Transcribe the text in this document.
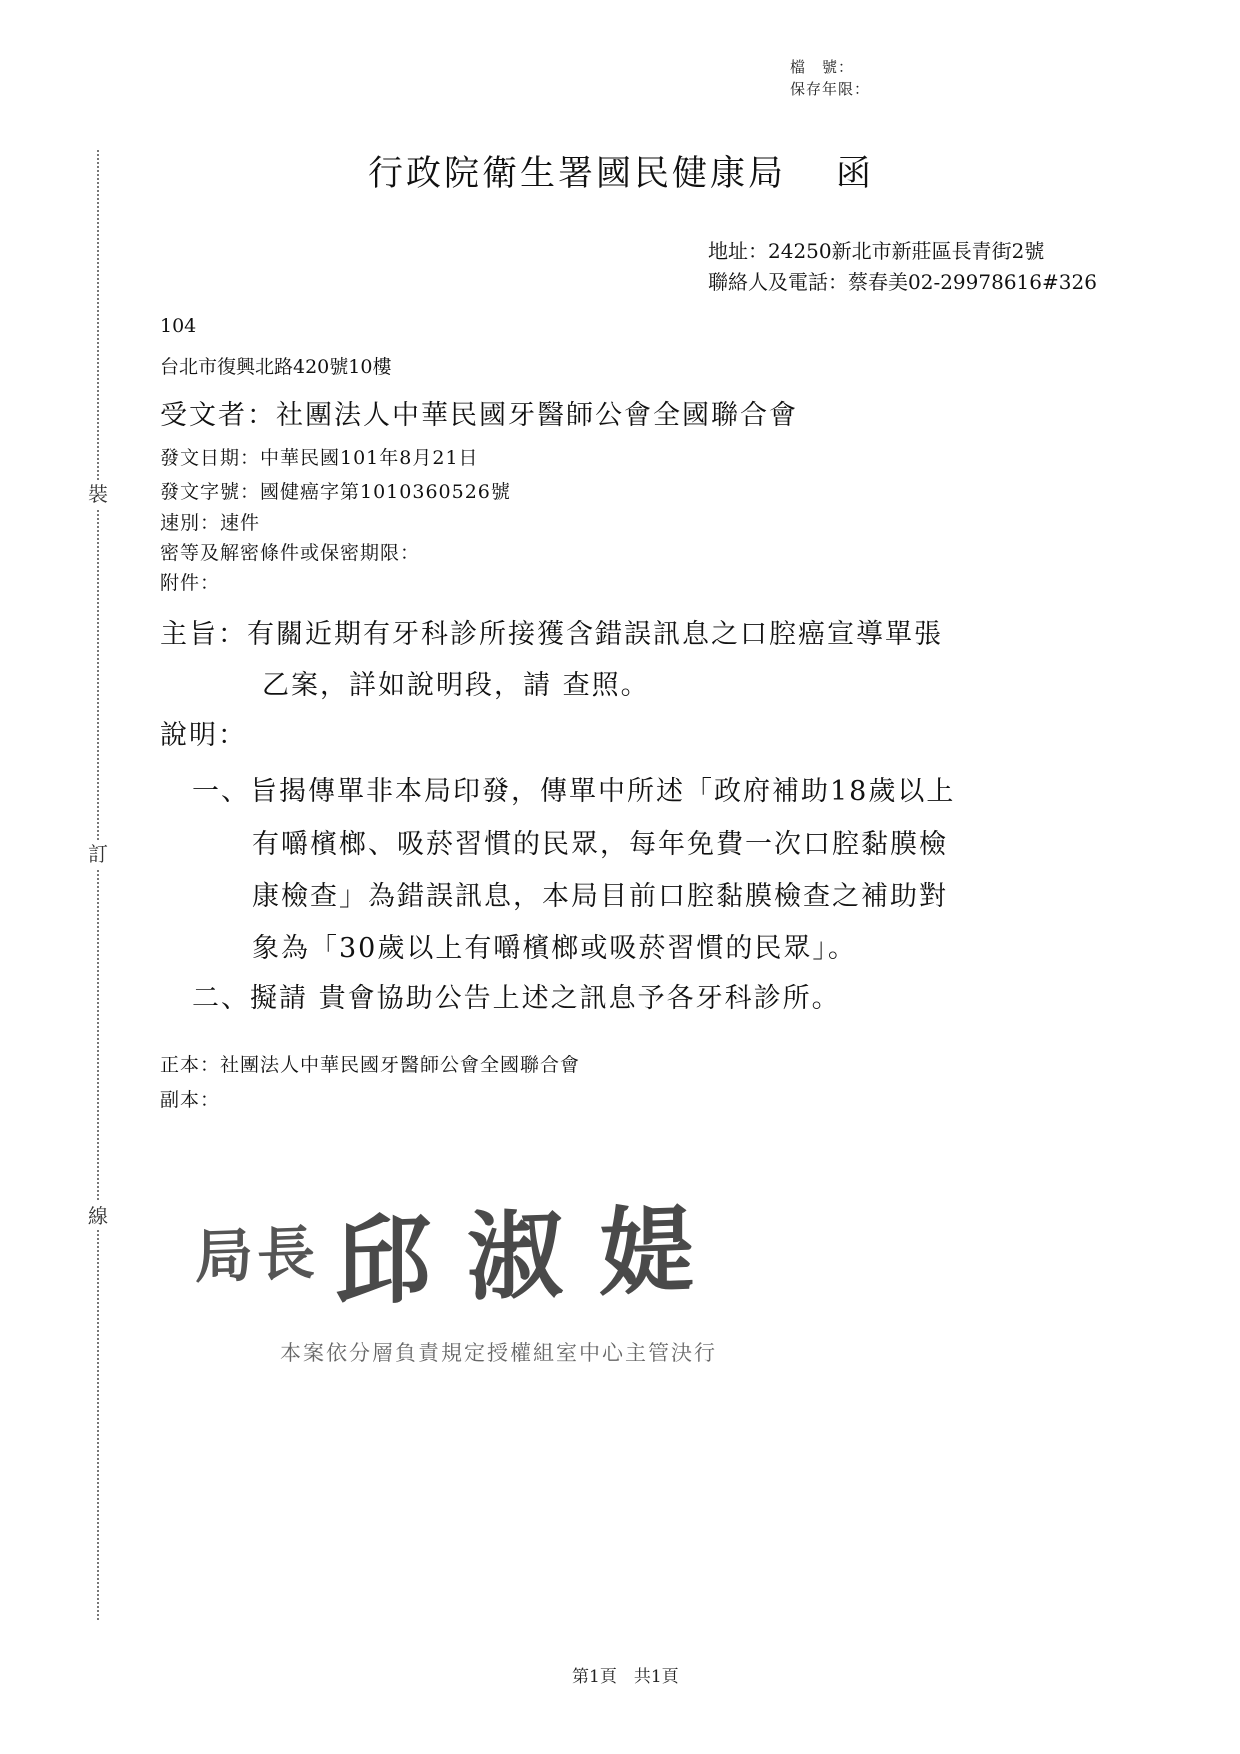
裝
訂
線
檔　號：
保存年限：
行政院衛生署國民健康局 函
地址：24250新北市新莊區長青街2號
聯絡人及電話：蔡春美02-29978616#326
104
台北市復興北路420號10樓
受文者：社團法人中華民國牙醫師公會全國聯合會
發文日期：中華民國101年8月21日
發文字號：國健癌字第1010360526號
速別：速件
密等及解密條件或保密期限：
附件：
主旨：有關近期有牙科診所接獲含錯誤訊息之口腔癌宣導單張
乙案，詳如說明段，請 查照。
說明：
一、旨揭傳單非本局印發，傳單中所述「政府補助18歲以上
有嚼檳榔、吸菸習慣的民眾，每年免費一次口腔黏膜檢
康檢查」為錯誤訊息，本局目前口腔黏膜檢查之補助對
象為「30歲以上有嚼檳榔或吸菸習慣的民眾」。
二、擬請 貴會協助公告上述之訊息予各牙科診所。
正本：社團法人中華民國牙醫師公會全國聯合會
副本：
局長 邱淑媞
本案依分層負責規定授權組室中心主管決行
第1頁　共1頁
